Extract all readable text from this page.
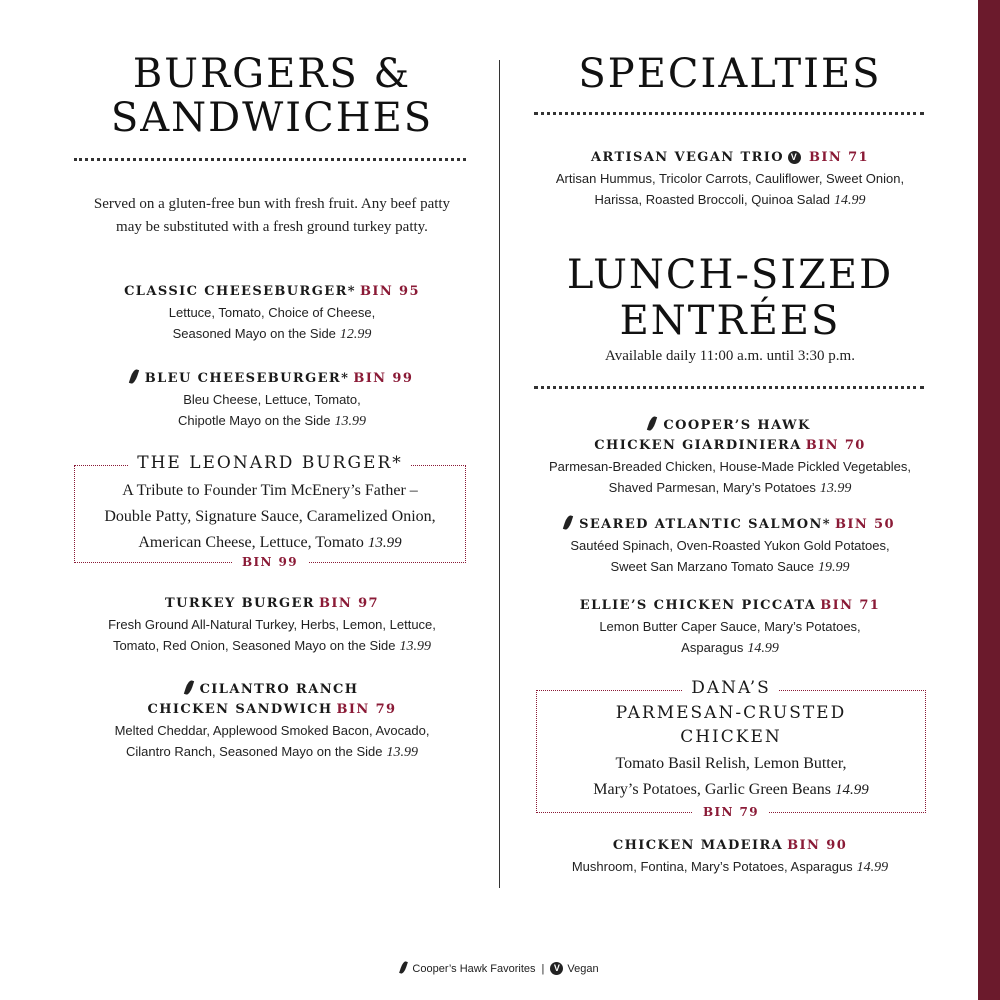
BURGERS &
SANDWICHES
Served on a gluten-free bun with fresh fruit. Any beef patty may be substituted with a fresh ground turkey patty.
CLASSIC CHEESEBURGER* BIN 95
Lettuce, Tomato, Choice of Cheese,
Seasoned Mayo on the Side 12.99
BLEU CHEESEBURGER* BIN 99
Bleu Cheese, Lettuce, Tomato,
Chipotle Mayo on the Side 13.99
THE LEONARD BURGER*
A Tribute to Founder Tim McEnery’s Father –
Double Patty, Signature Sauce, Caramelized Onion,
American Cheese, Lettuce, Tomato 13.99
BIN 99
TURKEY BURGER BIN 97
Fresh Ground All-Natural Turkey, Herbs, Lemon, Lettuce,
Tomato, Red Onion, Seasoned Mayo on the Side 13.99
CILANTRO RANCH
CHICKEN SANDWICH BIN 79
Melted Cheddar, Applewood Smoked Bacon, Avocado,
Cilantro Ranch, Seasoned Mayo on the Side 13.99
SPECIALTIES
ARTISAN VEGAN TRIO V BIN 71
Artisan Hummus, Tricolor Carrots, Cauliflower, Sweet Onion,
Harissa, Roasted Broccoli, Quinoa Salad 14.99
LUNCH-SIZED
ENTRÉES
Available daily 11:00 a.m. until 3:30 p.m.
COOPER’S HAWK
CHICKEN GIARDINIERA BIN 70
Parmesan-Breaded Chicken, House-Made Pickled Vegetables,
Shaved Parmesan, Mary’s Potatoes 13.99
SEARED ATLANTIC SALMON* BIN 50
Sautéed Spinach, Oven-Roasted Yukon Gold Potatoes,
Sweet San Marzano Tomato Sauce 19.99
ELLIE’S CHICKEN PICCATA BIN 71
Lemon Butter Caper Sauce, Mary’s Potatoes,
Asparagus 14.99
DANA’S
PARMESAN-CRUSTED
CHICKEN
Tomato Basil Relish, Lemon Butter,
Mary’s Potatoes, Garlic Green Beans 14.99
BIN 79
CHICKEN MADEIRA BIN 90
Mushroom, Fontina, Mary’s Potatoes, Asparagus 14.99
Cooper’s Hawk Favorites | V Vegan
